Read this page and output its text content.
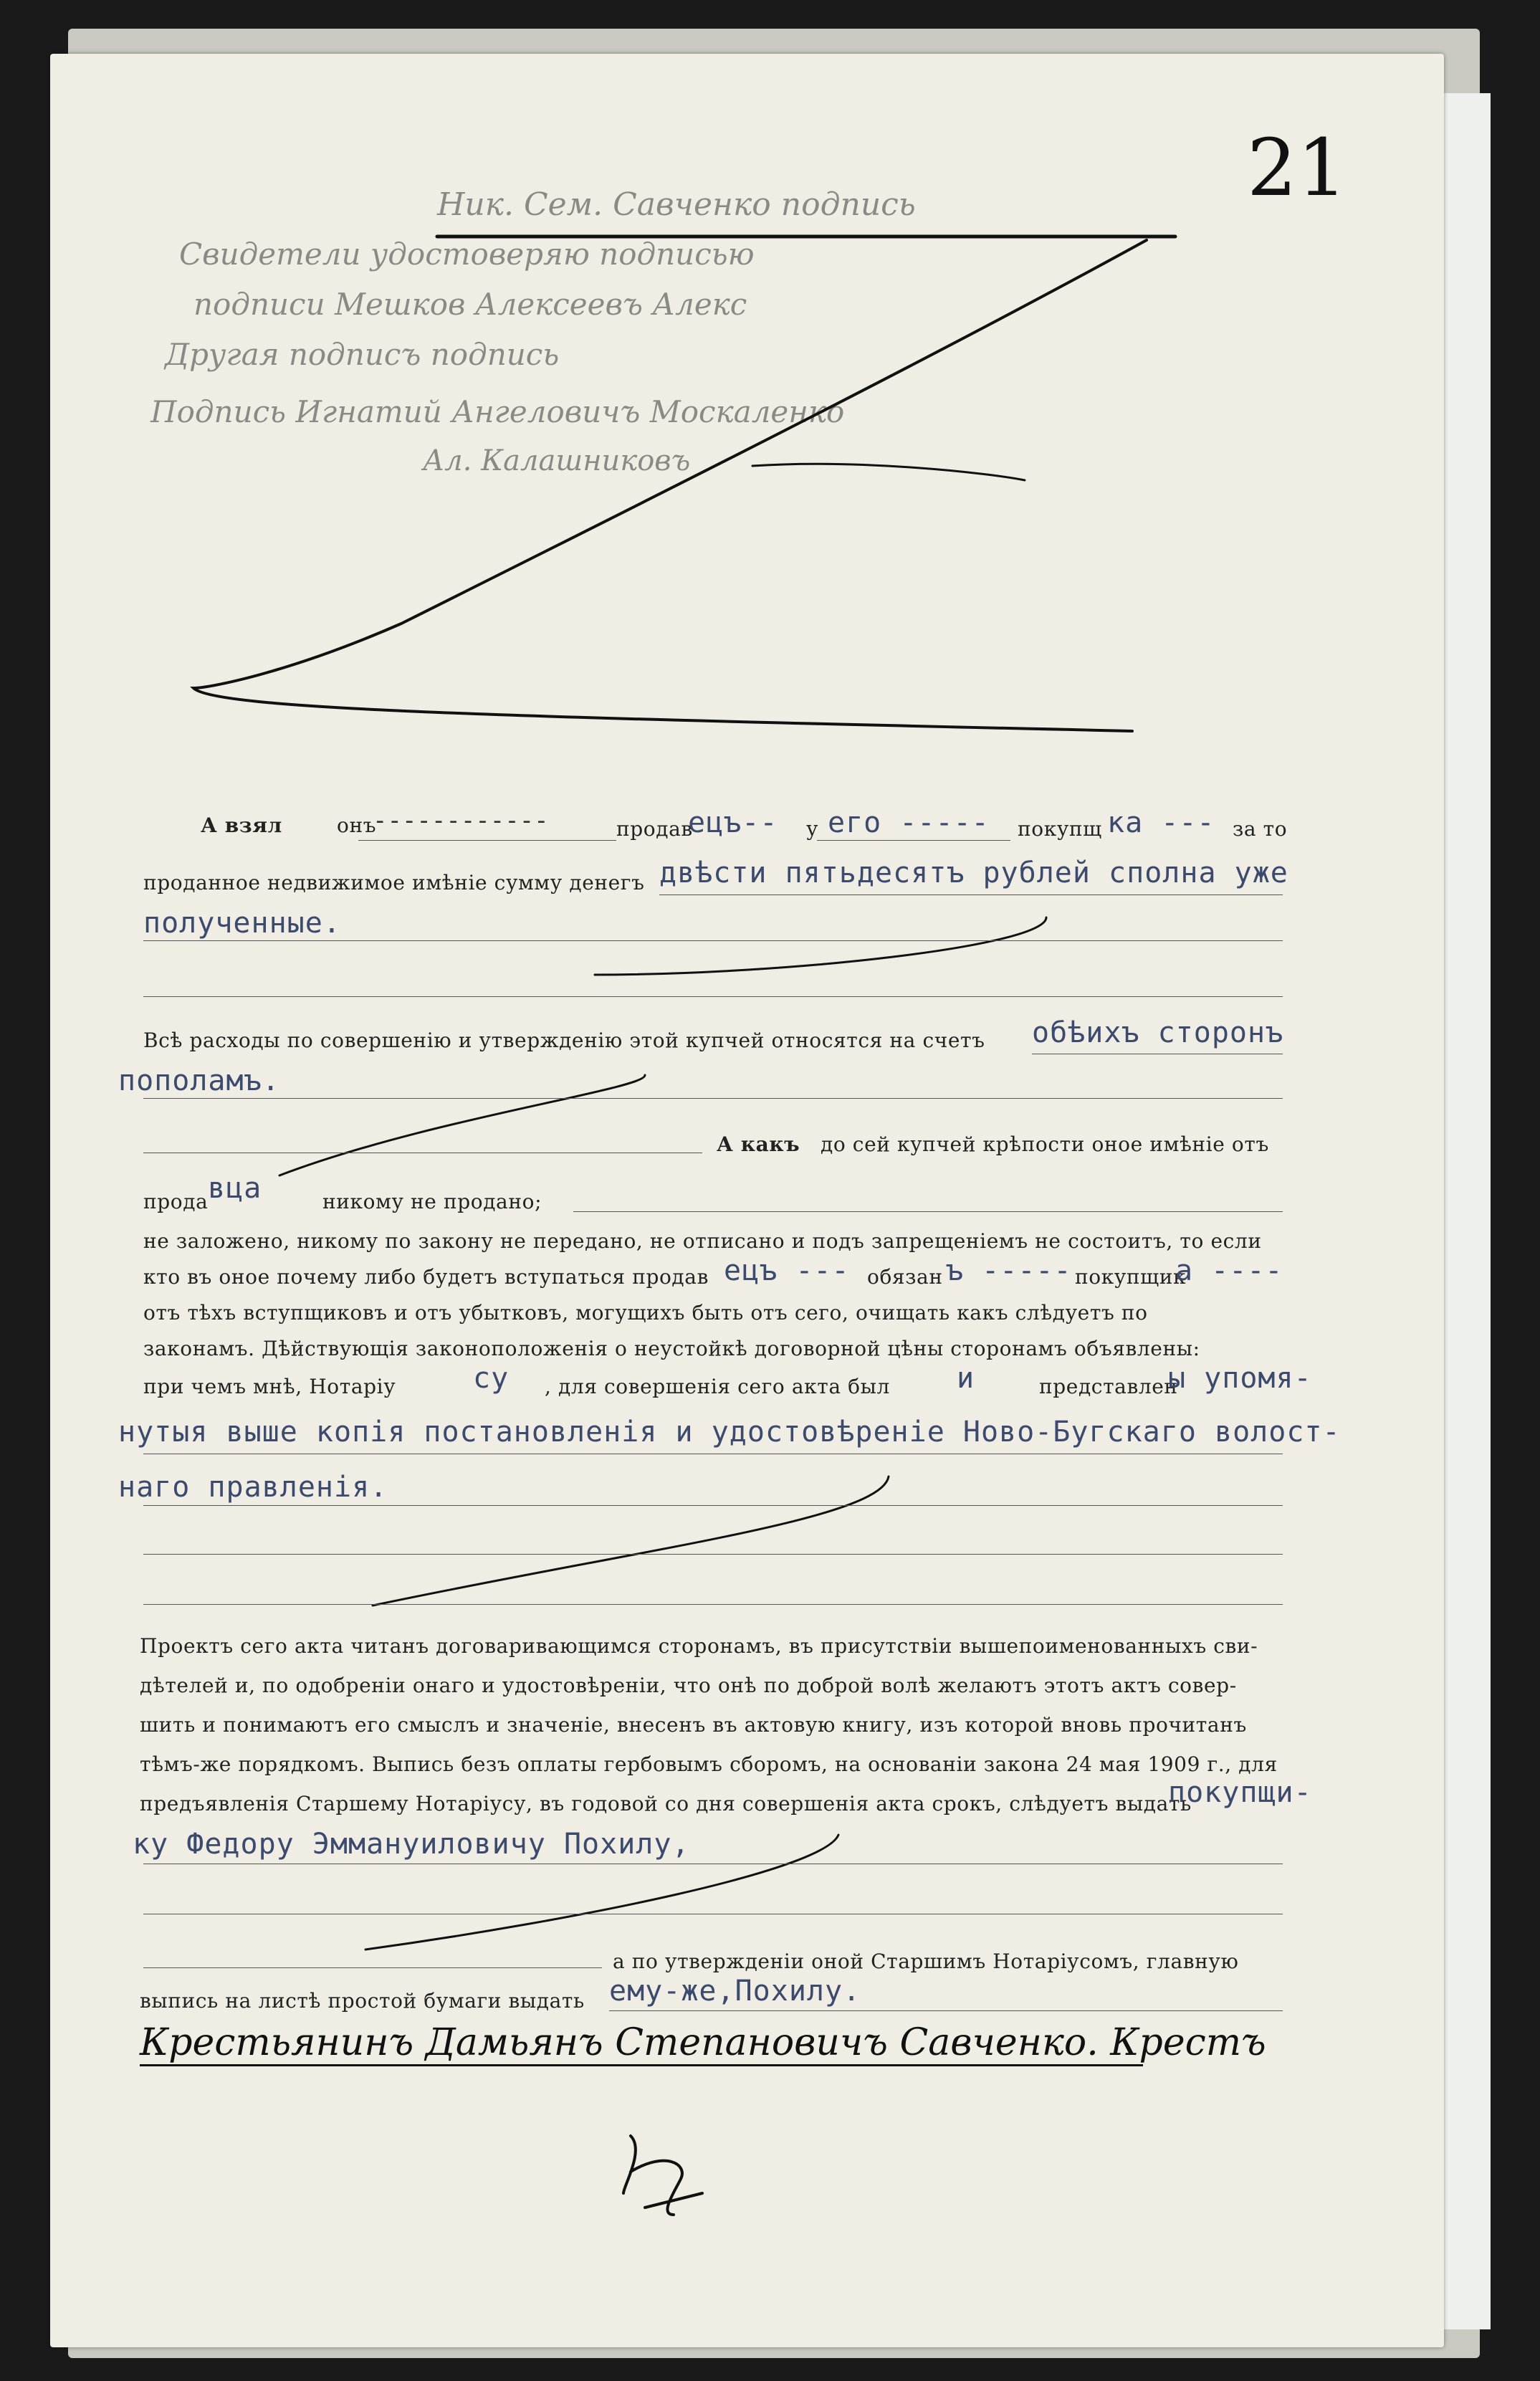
21
Ник. Сем. Савченко подпись
Свидетели удостоверяю подписью
подписи Мешков Алексеевъ Алекс
Другая подписъ подпись
Подпись Игнатий Ангеловичъ Москаленко
Ал. Калашниковъ
А взял	онъ
------------	продав
ецъ-- у его ----- покупщ ка --- за то
проданное недвижимое имѣніе сумму денегъ двѣсти пятьдесятъ рублей сполна уже
полученные.
Всѣ расходы по совершенію и утвержденію этой купчей относятся на счетъ обѣихъ сторонъ
пополамъ.
А какъ до сей купчей крѣпости оное имѣніе отъ
прода вца	никому не продано;
не заложено, никому по закону не передано, не отписано и подъ запрещеніемъ не состоитъ, то если
кто въ оное почему либо будетъ вступаться продав ецъ --- обязан ъ ----- покупщик
а ----
отъ тѣхъ вступщиковъ и отъ убытковъ, могущихъ быть отъ сего, очищать какъ слѣдуетъ по
законамъ. Дѣйствующія законоположенія о неустойкѣ договорной цѣны сторонамъ объявлены:
при чемъ мнѣ, Нотаріу	су , для совершенія сего акта был и	представлен
ы упомя-
нутыя выше копія постановленія и удостовѣреніе Ново-Бугскаго волост-
наго правленія.
Проектъ сего акта читанъ договаривающимся сторонамъ, въ присутствіи вышепоименованныхъ сви-
дѣтелей и, по одобреніи онаго и удостовѣреніи, что онѣ по доброй волѣ желаютъ этотъ актъ совер-
шить и понимаютъ его смыслъ и значеніе, внесенъ въ актовую книгу, изъ которой вновь прочитанъ
тѣмъ-же порядкомъ. Выпись безъ оплаты гербовымъ сборомъ, на основаніи закона 24 мая 1909 г., для
предъявленія Старшему Нотаріусу, въ годовой со дня совершенія акта срокъ, слѣдуетъ выдать
покупщи-
ку Федору Эммануиловичу Похилу,
а по утвержденіи оной Старшимъ Нотаріусомъ, главную
выпись на листѣ простой бумаги выдать ему-же,Похилу.
Крестьянинъ Дамьянъ Степановичъ Савченко. Крестъ
